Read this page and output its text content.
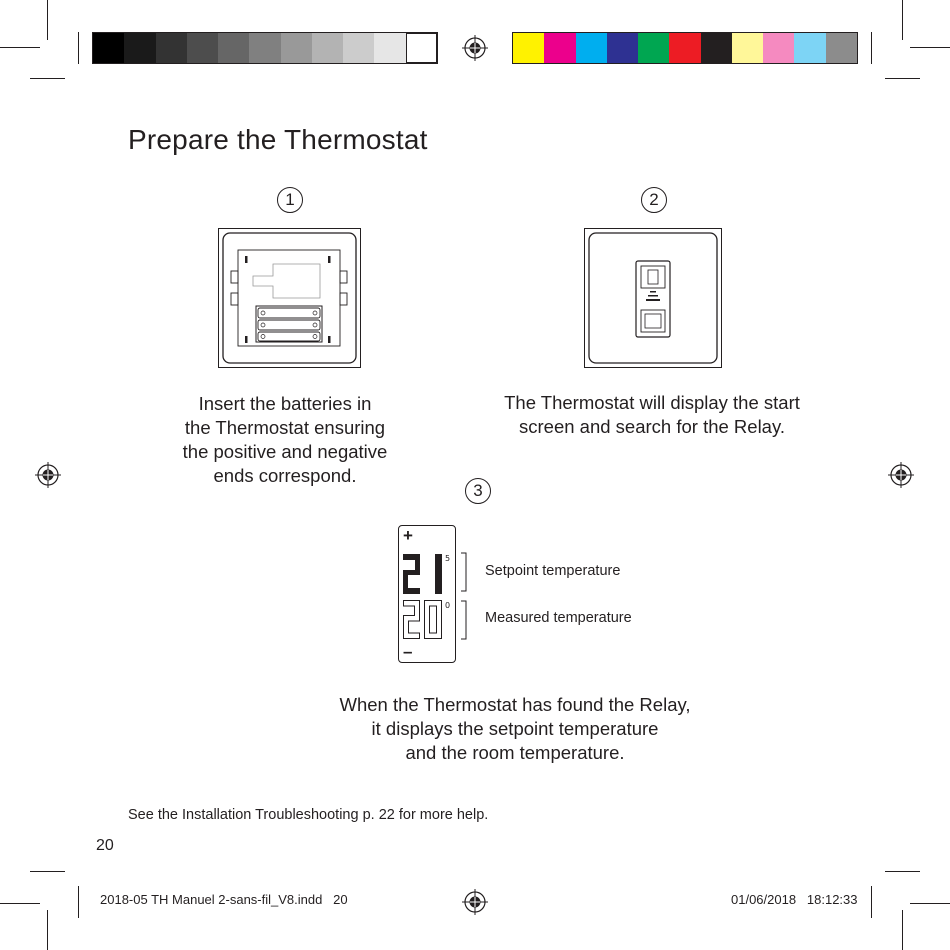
Prepare the Thermostat
1
Insert the batteries in
the Thermostat ensuring
the positive and negative
ends correspond.
2
The Thermostat will display the start
screen and search for the Relay.
3
+
–
5
0
Setpoint temperature
Measured temperature
When the Thermostat has found the Relay,
it displays the setpoint temperature
and the room temperature.
See the Installation Troubleshooting p. 22 for more help.
20
2018-05 TH Manuel 2-sans-fil_V8.indd   20	01/06/2018   18:12:33
